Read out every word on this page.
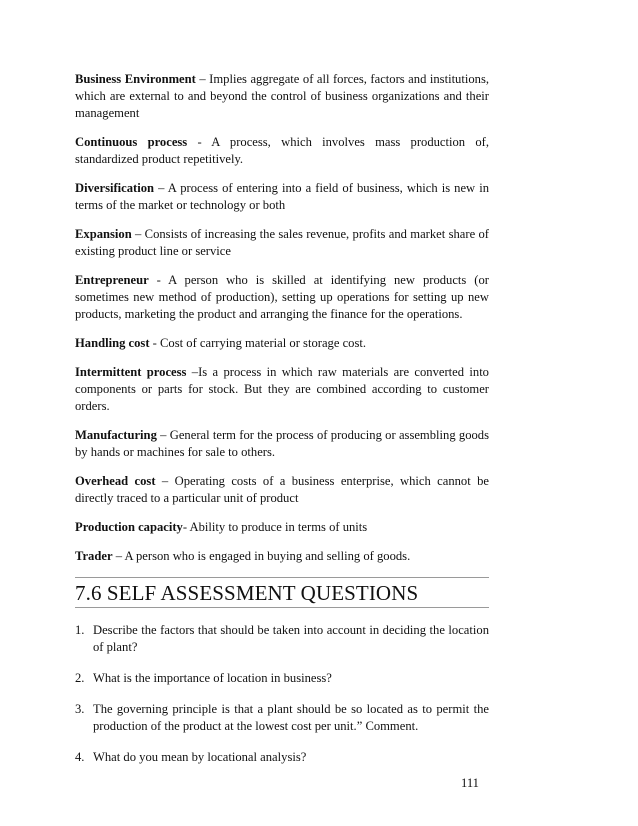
Business Environment – Implies aggregate of all forces, factors and institutions, which are external to and beyond the control of business organizations and their management

Continuous process - A process, which involves mass production of, standardized product repetitively.

Diversification – A process of entering into a field of business, which is new in terms of the market or technology or both

Expansion – Consists of increasing the sales revenue, profits and market share of existing product line or service

Entrepreneur - A person who is skilled at identifying new products (or sometimes new method of production), setting up operations for setting up new products, marketing the product and arranging the finance for the operations.

Handling cost - Cost of carrying material or storage cost.

Intermittent process –Is a process in which raw materials are converted into components or parts for stock. But they are combined according to customer orders.

Manufacturing – General term for the process of producing or assembling goods by hands or machines for sale to others.

Overhead cost – Operating costs of a business enterprise, which cannot be directly traced to a particular unit of product

Production capacity- Ability to produce in terms of units

Trader – A person who is engaged in buying and selling of goods.

7.6 SELF ASSESSMENT QUESTIONS
1. Describe the factors that should be taken into account in deciding the location of plant?
2. What is the importance of location in business?
3. The governing principle is that a plant should be so located as to permit the production of the product at the lowest cost per unit.” Comment.
4. What do you mean by locational analysis?
111
